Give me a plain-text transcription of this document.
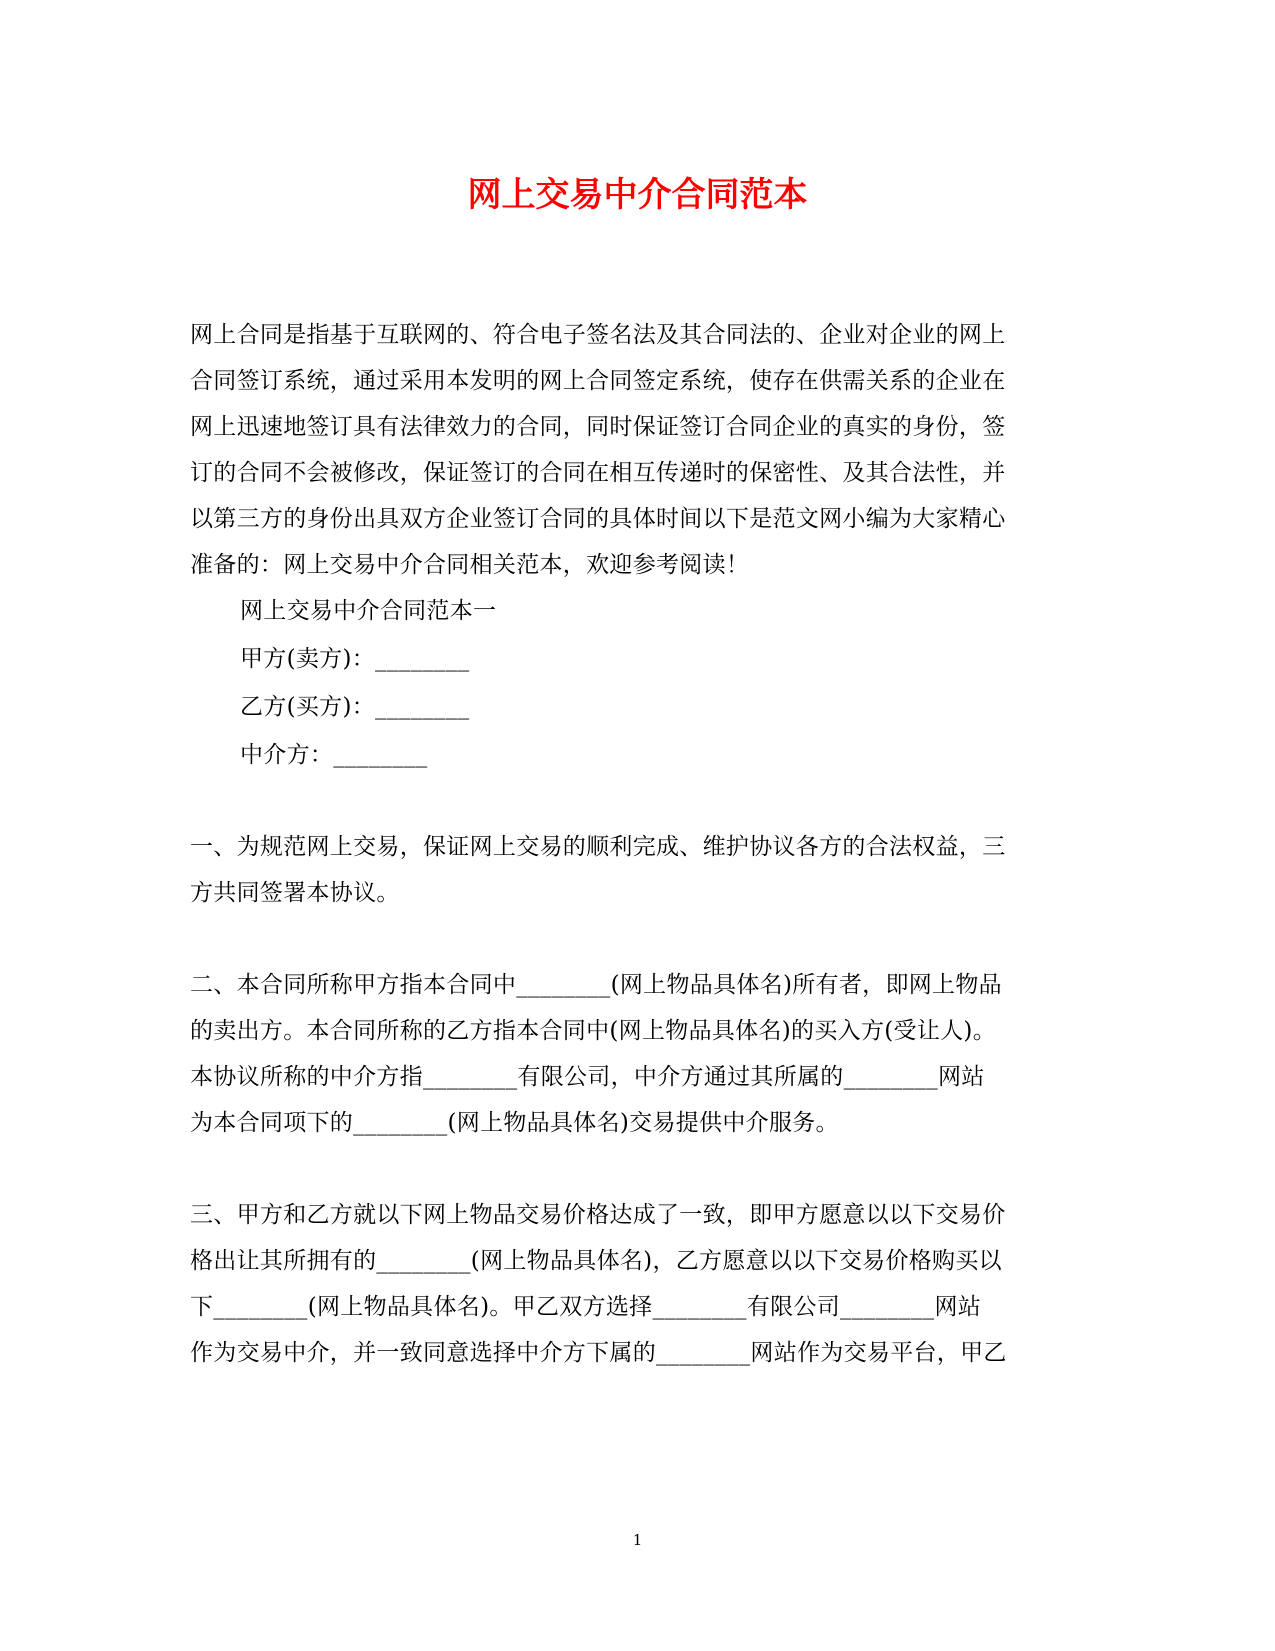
网上交易中介合同范本
网上合同是指基于互联网的、符合电子签名法及其合同法的、企业对企业的网上
合同签订系统，通过采用本发明的网上合同签定系统，使存在供需关系的企业在
网上迅速地签订具有法律效力的合同，同时保证签订合同企业的真实的身份，签
订的合同不会被修改，保证签订的合同在相互传递时的保密性、及其合法性，并
以第三方的身份出具双方企业签订合同的具体时间以下是范文网小编为大家精心
准备的：网上交易中介合同相关范本，欢迎参考阅读！
网上交易中介合同范本一
甲方(卖方)：________
乙方(买方)：________
中介方：________
一、为规范网上交易，保证网上交易的顺利完成、维护协议各方的合法权益，三
方共同签署本协议。
二、本合同所称甲方指本合同中________(网上物品具体名)所有者，即网上物品
的卖出方。本合同所称的乙方指本合同中(网上物品具体名)的买入方(受让人)。
本协议所称的中介方指________有限公司，中介方通过其所属的________网站
为本合同项下的________(网上物品具体名)交易提供中介服务。
三、甲方和乙方就以下网上物品交易价格达成了一致，即甲方愿意以以下交易价
格出让其所拥有的________(网上物品具体名)，乙方愿意以以下交易价格购买以
下________(网上物品具体名)。甲乙双方选择________有限公司________网站
作为交易中介，并一致同意选择中介方下属的________网站作为交易平台，甲乙
1
